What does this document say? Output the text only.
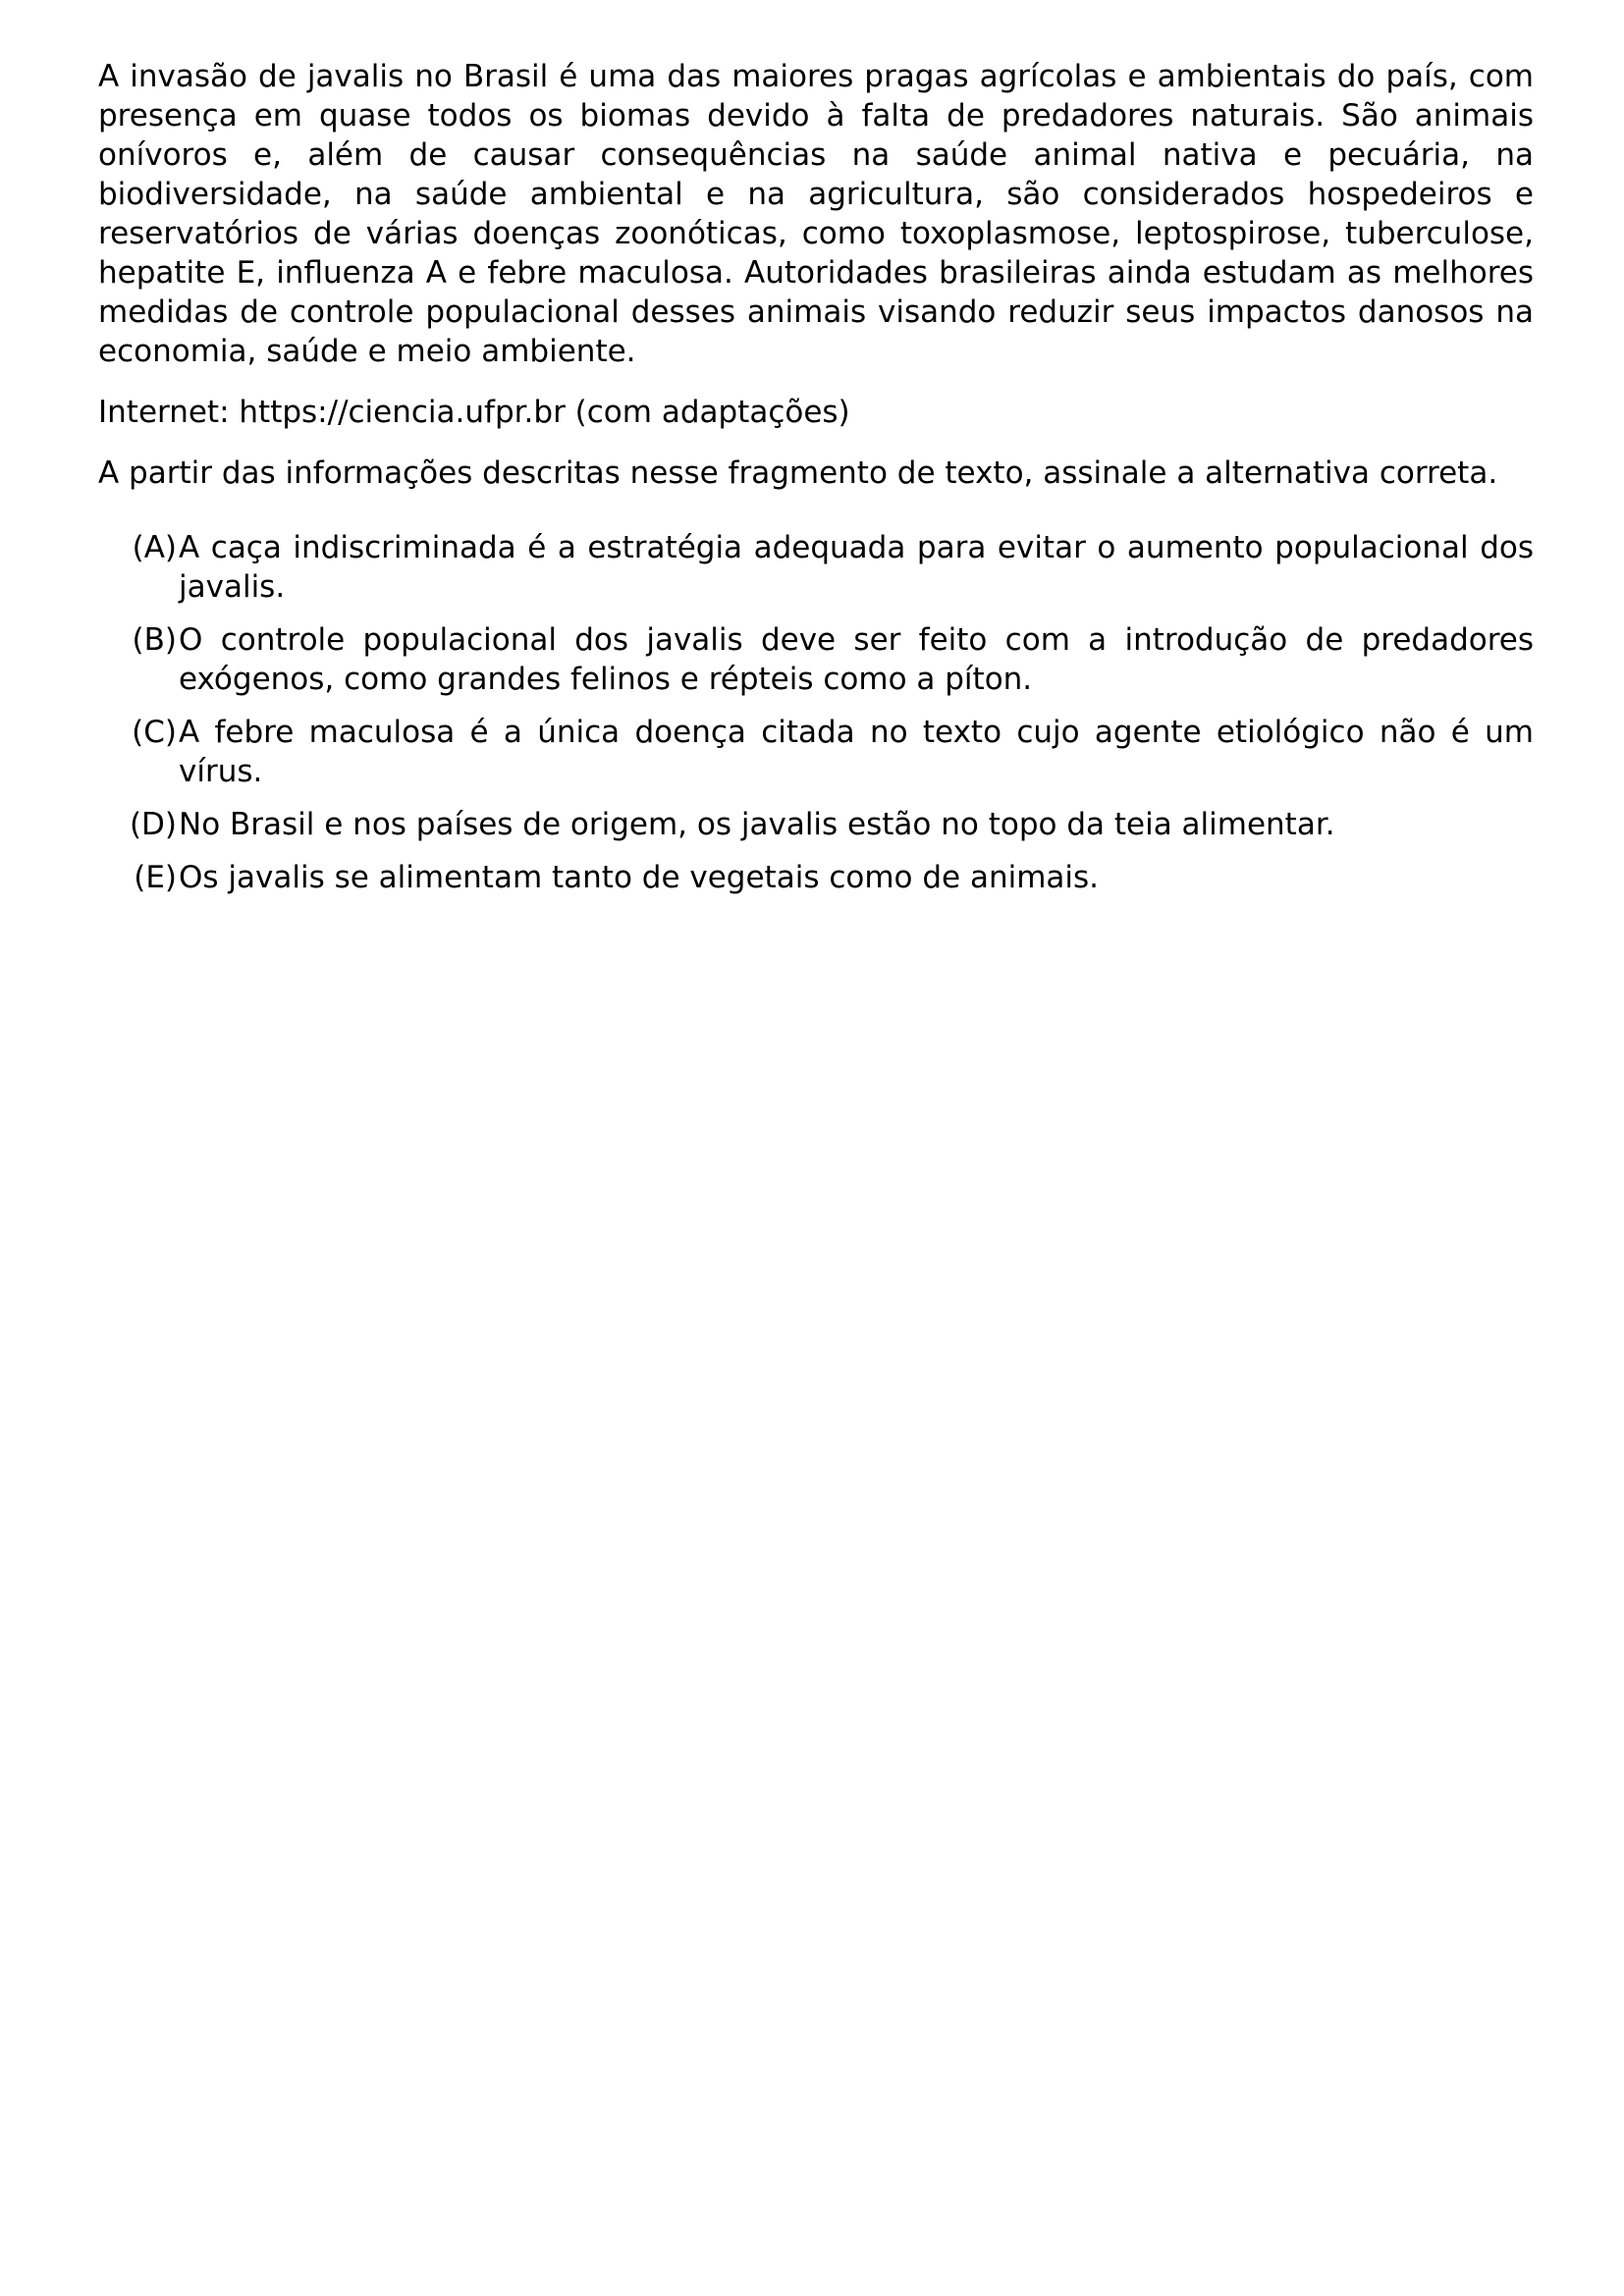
A invasão de javalis no Brasil é uma das maiores pragas agrícolas e ambientais do país, com presença em quase todos os biomas devido à falta de predadores naturais. São animais onívoros e, além de causar consequências na saúde animal nativa e pecuária, na biodiversidade, na saúde ambiental e na agricultura, são considerados hospedeiros e reservatórios de várias doenças zoonóticas, como toxoplasmose, leptospirose, tuberculose, hepatite E, influenza A e febre maculosa. Autoridades brasileiras ainda estudam as melhores medidas de controle populacional desses animais visando reduzir seus impactos danosos na economia, saúde e meio ambiente.

Internet: https://ciencia.ufpr.br (com adaptações)

A partir das informações descritas nesse fragmento de texto, assinale a alternativa correta.

(A) A caça indiscriminada é a estratégia adequada para evitar o aumento populacional dos javalis.
(B) O controle populacional dos javalis deve ser feito com a introdução de predadores exógenos, como grandes felinos e répteis como a píton.
(C) A febre maculosa é a única doença citada no texto cujo agente etiológico não é um vírus.
(D) No Brasil e nos países de origem, os javalis estão no topo da teia alimentar.
(E) Os javalis se alimentam tanto de vegetais como de animais.
